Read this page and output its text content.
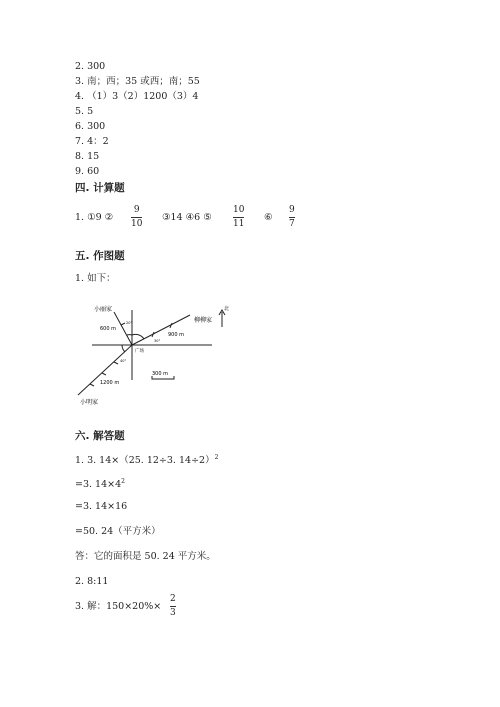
2. 300
3. 南；西；35 或西；南；55
4. （1）3（2）1200（3）4
5. 5
6. 300
7. 4：2
8. 15
9. 60
四. 计算题
1. ①9 ②
9
10
③14 ④6 ⑤
10
11
⑥
9
7
五. 作图题
1. 如下：
北
小丽家
柳柳家
小明家
广场
600 m
900 m
1200 m
300 m
20°
30°
40°
六. 解答题
1. 3. 14×（25. 12÷3. 14÷2）$^2$
=3. $14\times 4^2$
=3. 14×16
=50. 24（平方米）
答：它的面积是 50. 24 平方米。
2. 8:11
3. 解：150×20%×
2
3
